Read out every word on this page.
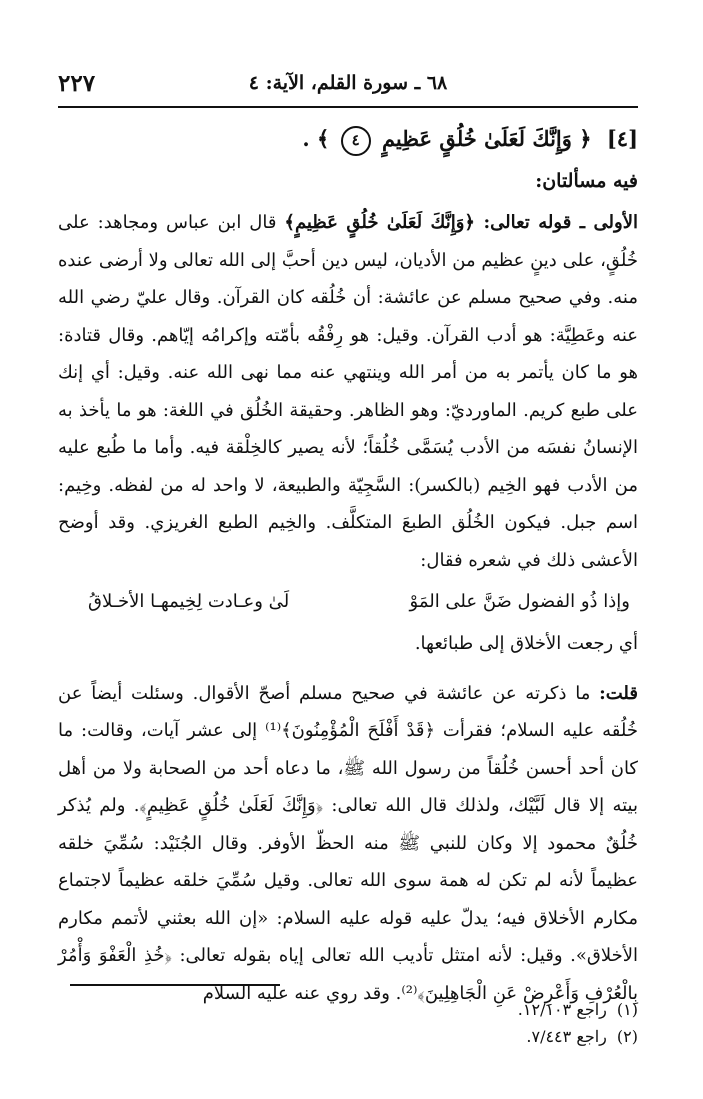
٦٨ ـ سورة القلم، الآية: ٤
٢٢٧
[٤] ﴿ وَإِنَّكَ لَعَلَىٰ خُلُقٍ عَظِيمٍ ٤ ﴾ .
فيه مسألتان:

الأولى ـ قوله تعالى: ﴿وَإِنَّكَ لَعَلَىٰ خُلُقٍ عَظِيمٍ﴾ قال ابن عباس ومجاهد: على خُلُقٍ، على دينٍ عظيم من الأديان، ليس دين أحبَّ إلى الله تعالى ولا أرضى عنده منه. وفي صحيح مسلم عن عائشة: أن خُلُقه كان القرآن. وقال عليّ رضي الله عنه وعَطِيَّة: هو أدب القرآن. وقيل: هو رِفْقُه بأمّته وإكرامُه إيّاهم. وقال قتادة: هو ما كان يأتمر به من أمر الله وينتهي عنه مما نهى الله عنه. وقيل: أي إنك على طبع كريم. الماورديّ: وهو الظاهر. وحقيقة الخُلُق في اللغة: هو ما يأخذ به الإنسانُ نفسَه من الأدب يُسَمَّى خُلُقاً؛ لأنه يصير كالخِلْقة فيه. وأما ما طُبع عليه من الأدب فهو الخِيم (بالكسر): السَّجِيّة والطبيعة، لا واحد له من لفظه. وخِيم: اسم جبل. فيكون الخُلُق الطبعَ المتكلَّف. والخِيم الطبع الغريزي. وقد أوضح الأعشى ذلك في شعره فقال:

وإذا ذُو الفضول ضَنَّ على المَوْ
لَىٰ وعـادت لِخِيمهـا الأخـلاقُ

أي رجعت الأخلاق إلى طبائعها.

قلت: ما ذكرته عن عائشة في صحيح مسلم أصحّ الأقوال. وسئلت أيضاً عن خُلُقه عليه السلام؛ فقرأت ﴿قَدْ أَفْلَحَ الْمُؤْمِنُونَ﴾⁽¹⁾ إلى عشر آيات، وقالت: ما كان أحد أحسن خُلُقاً من رسول الله ﷺ، ما دعاه أحد من الصحابة ولا من أهل بيته إلا قال لَبَّيْك، ولذلك قال الله تعالى: ﴿وَإِنَّكَ لَعَلَىٰ خُلُقٍ عَظِيمٍ﴾. ولم يُذكر خُلُقٌ محمود إلا وكان للنبي ﷺ منه الحظّ الأوفر. وقال الجُنَيْد: سُمِّيَ خلقه عظيماً لأنه لم تكن له همة سوى الله تعالى. وقيل سُمِّيَ خلقه عظيماً لاجتماع مكارم الأخلاق فيه؛ يدلّ عليه قوله عليه السلام: «إن الله بعثني لأتمم مكارم الأخلاق». وقيل: لأنه امتثل تأديب الله تعالى إياه بقوله تعالى: ﴿خُذِ الْعَفْوَ وَأْمُرْ بِالْعُرْفِ وَأَعْرِضْ عَنِ الْجَاهِلِينَ﴾⁽²⁾. وقد روي عنه عليه السلام

(١)
راجع ١٢/١٠٣.
(٢)
راجع ٧/٤٤٣.
